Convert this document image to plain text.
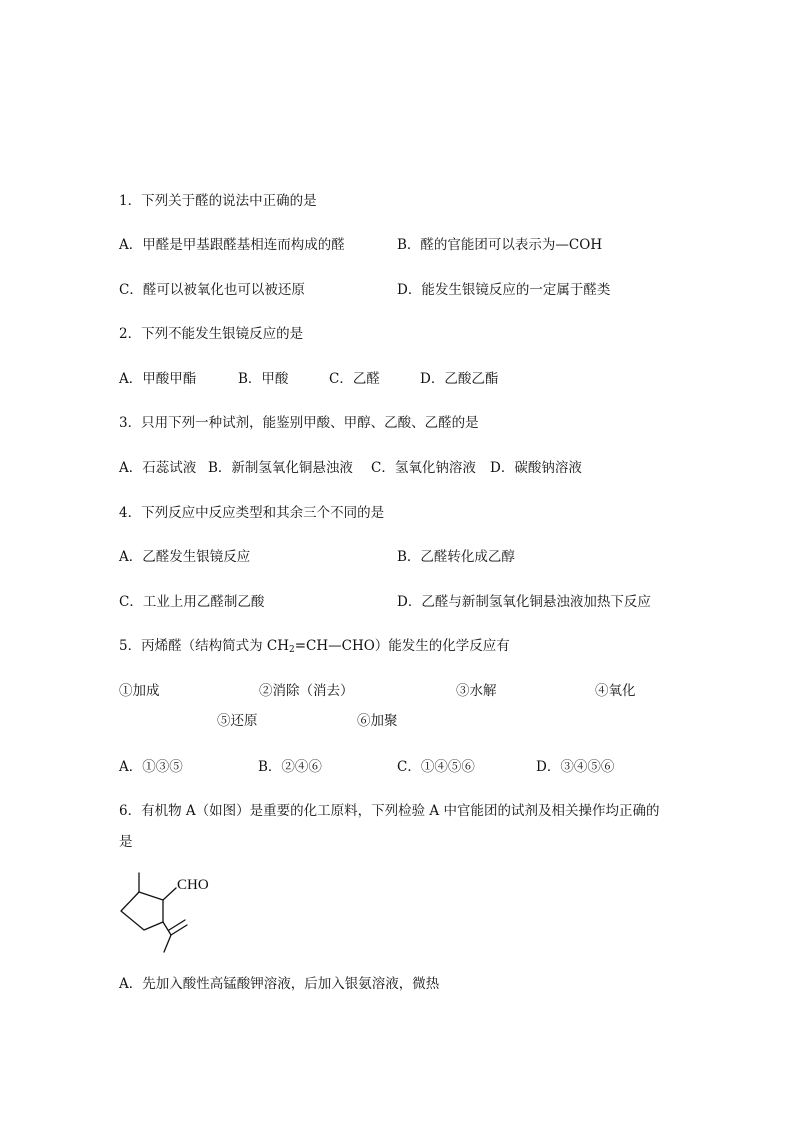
1．下列关于醛的说法中正确的是
A．甲醛是甲基跟醛基相连而构成的醛	B．醛的官能团可以表示为—COH
C．醛可以被氧化也可以被还原	D．能发生银镜反应的一定属于醛类
2．下列不能发生银镜反应的是
A．甲酸甲酯	B．甲酸	C．乙醛	D．乙酸乙酯
3．只用下列一种试剂，能鉴别甲酸、甲醇、乙酸、乙醛的是
A．石蕊试液 B．新制氢氧化铜悬浊液 C．氢氧化钠溶液 D．碳酸钠溶液
4．下列反应中反应类型和其余三个不同的是
A．乙醛发生银镜反应	B．乙醛转化成乙醇
C．工业上用乙醛制乙酸	D．乙醛与新制氢氧化铜悬浊液加热下反应
5．丙烯醛（结构简式为 $CH_2=CH—CHO$）能发生的化学反应有
①加成	②消除（消去）	③水解	④氧化
⑤还原	⑥加聚
A．①③⑤	B．②④⑥	C．①④⑤⑥	D．③④⑤⑥
6．有机物 A（如图）是重要的化工原料，下列检验 A 中官能团的试剂及相关操作均正确的
是
CHO
A．先加入酸性高锰酸钾溶液，后加入银氨溶液，微热
